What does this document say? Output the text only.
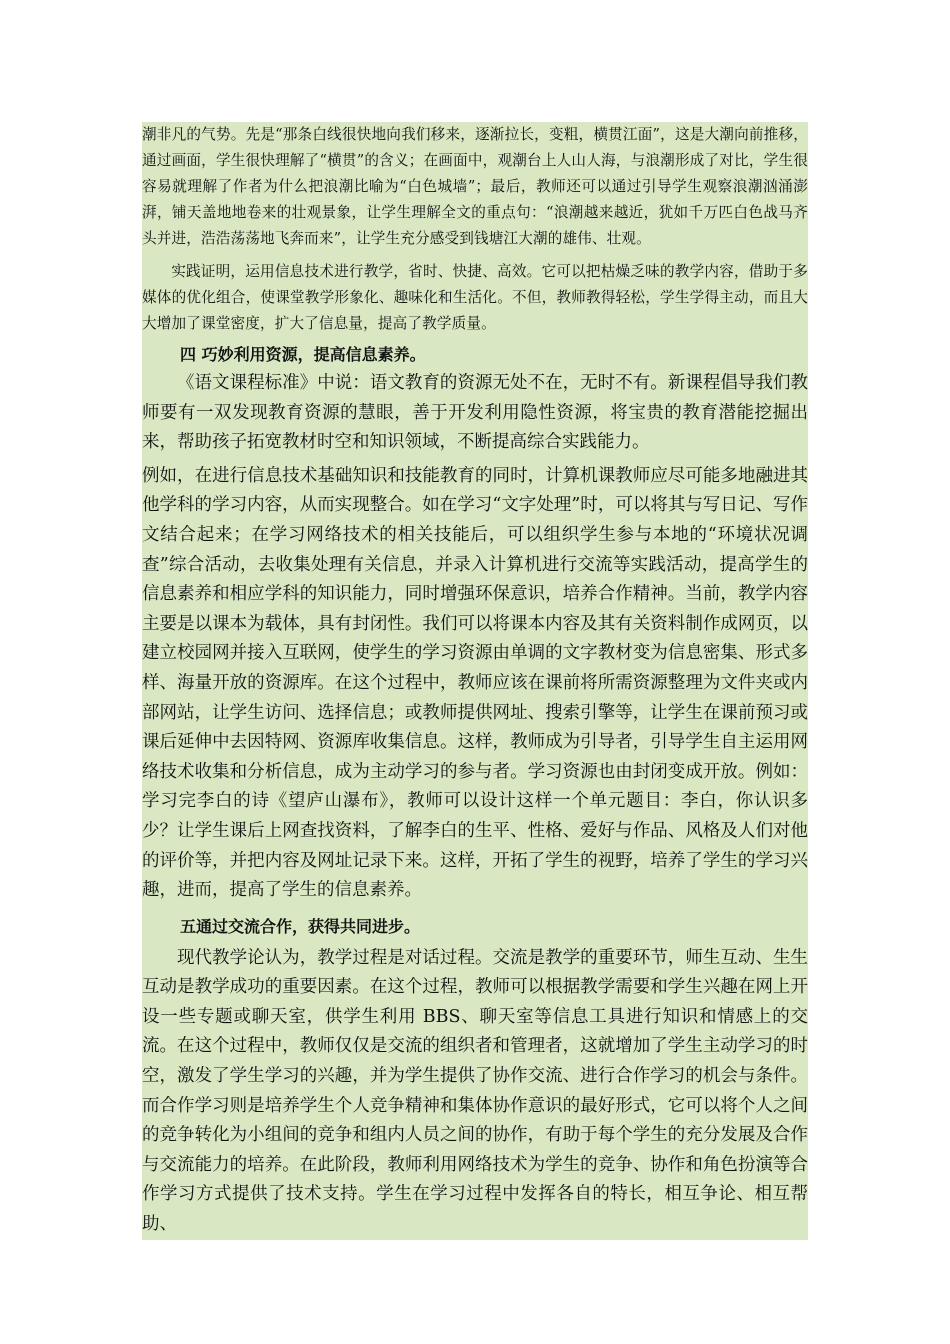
潮非凡的气势。先是“那条白线很快地向我们移来，逐渐拉长，变粗，横贯江面”，这是大潮向前推移，通过画面，学生很快理解了“横贯”的含义；在画面中，观潮台上人山人海，与浪潮形成了对比，学生很容易就理解了作者为什么把浪潮比喻为“白色城墙”；最后，教师还可以通过引导学生观察浪潮汹涌澎湃，铺天盖地地卷来的壮观景象，让学生理解全文的重点句：“浪潮越来越近，犹如千万匹白色战马齐头并进，浩浩荡荡地飞奔而来”，让学生充分感受到钱塘江大潮的雄伟、壮观。

实践证明，运用信息技术进行教学，省时、快捷、高效。它可以把枯燥乏味的教学内容，借助于多媒体的优化组合，使课堂教学形象化、趣味化和生活化。不但，教师教得轻松，学生学得主动，而且大大增加了课堂密度，扩大了信息量，提高了教学质量。

四 巧妙利用资源，提高信息素养。

《语文课程标准》中说：语文教育的资源无处不在，无时不有。新课程倡导我们教师要有一双发现教育资源的慧眼，善于开发利用隐性资源，将宝贵的教育潜能挖掘出来，帮助孩子拓宽教材时空和知识领域，不断提高综合实践能力。

例如，在进行信息技术基础知识和技能教育的同时，计算机课教师应尽可能多地融进其他学科的学习内容，从而实现整合。如在学习“文字处理”时，可以将其与写日记、写作文结合起来；在学习网络技术的相关技能后，可以组织学生参与本地的“环境状况调查”综合活动，去收集处理有关信息，并录入计算机进行交流等实践活动，提高学生的信息素养和相应学科的知识能力，同时增强环保意识，培养合作精神。当前，教学内容主要是以课本为载体，具有封闭性。我们可以将课本内容及其有关资料制作成网页，以建立校园网并接入互联网，使学生的学习资源由单调的文字教材变为信息密集、形式多样、海量开放的资源库。在这个过程中，教师应该在课前将所需资源整理为文件夹或内部网站，让学生访问、选择信息；或教师提供网址、搜索引擎等，让学生在课前预习或课后延伸中去因特网、资源库收集信息。这样，教师成为引导者，引导学生自主运用网络技术收集和分析信息，成为主动学习的参与者。学习资源也由封闭变成开放。例如：学习完李白的诗《望庐山瀑布》，教师可以设计这样一个单元题目：李白，你认识多少？让学生课后上网查找资料，了解李白的生平、性格、爱好与作品、风格及人们对他的评价等，并把内容及网址记录下来。这样，开拓了学生的视野，培养了学生的学习兴趣，进而，提高了学生的信息素养。

五通过交流合作，获得共同进步。

现代教学论认为，教学过程是对话过程。交流是教学的重要环节，师生互动、生生互动是教学成功的重要因素。在这个过程，教师可以根据教学需要和学生兴趣在网上开设一些专题或聊天室，供学生利用 BBS、聊天室等信息工具进行知识和情感上的交流。在这个过程中，教师仅仅是交流的组织者和管理者，这就增加了学生主动学习的时空，激发了学生学习的兴趣，并为学生提供了协作交流、进行合作学习的机会与条件。而合作学习则是培养学生个人竞争精神和集体协作意识的最好形式，它可以将个人之间的竞争转化为小组间的竞争和组内人员之间的协作，有助于每个学生的充分发展及合作与交流能力的培养。在此阶段，教师利用网络技术为学生的竞争、协作和角色扮演等合作学习方式提供了技术支持。学生在学习过程中发挥各自的特长，相互争论、相互帮助、
